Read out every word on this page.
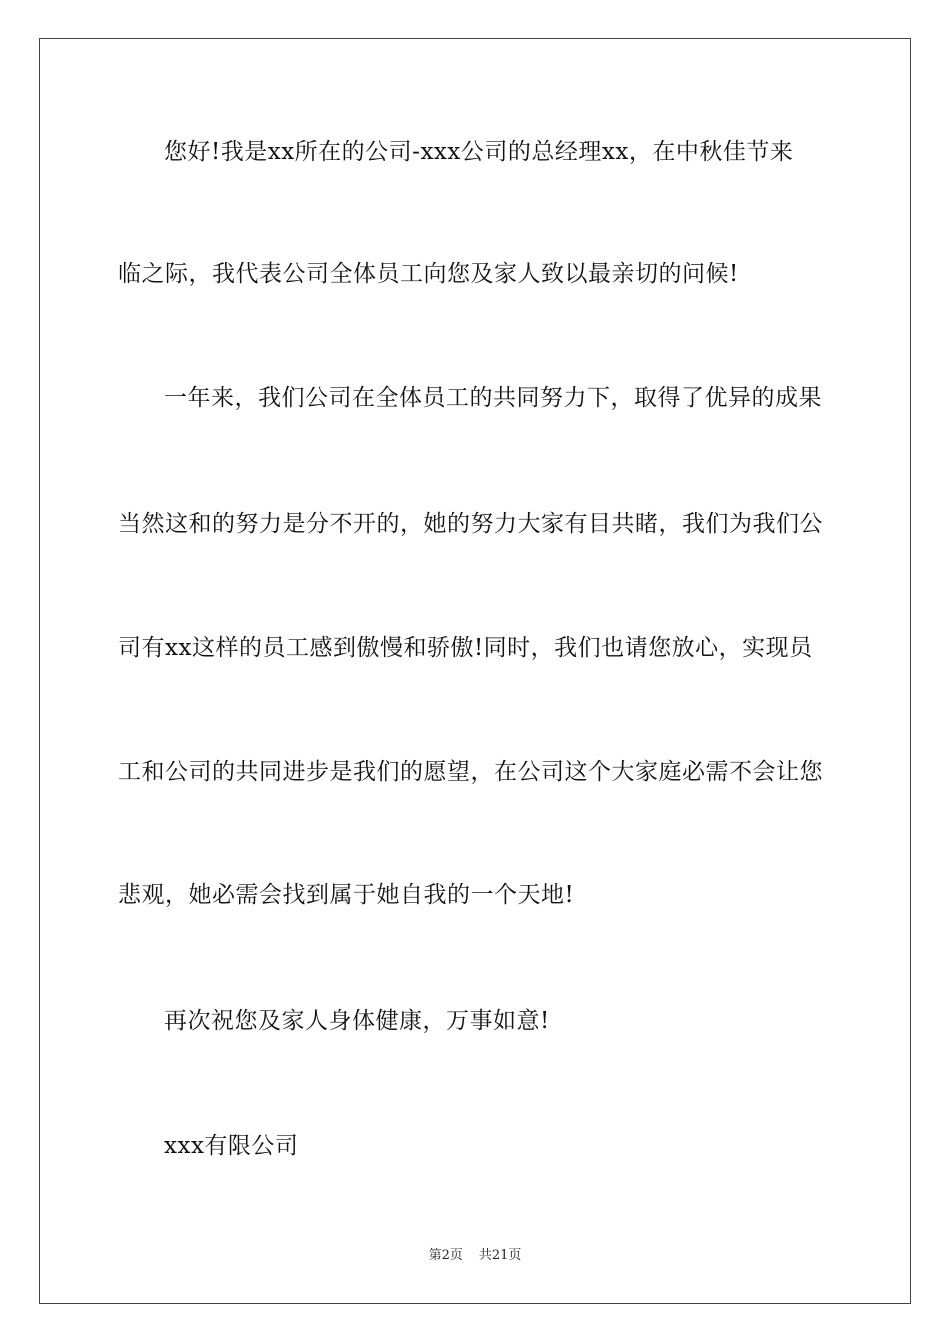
您好!我是xx所在的公司-xxx公司的总经理xx，在中秋佳节来
临之际，我代表公司全体员工向您及家人致以最亲切的问候!
一年来，我们公司在全体员工的共同努力下，取得了优异的成果
当然这和的努力是分不开的，她的努力大家有目共睹，我们为我们公
司有xx这样的员工感到傲慢和骄傲!同时，我们也请您放心，实现员
工和公司的共同进步是我们的愿望，在公司这个大家庭必需不会让您
悲观，她必需会找到属于她自我的一个天地!
再次祝您及家人身体健康，万事如意!
xxx有限公司
第2页 共21页
